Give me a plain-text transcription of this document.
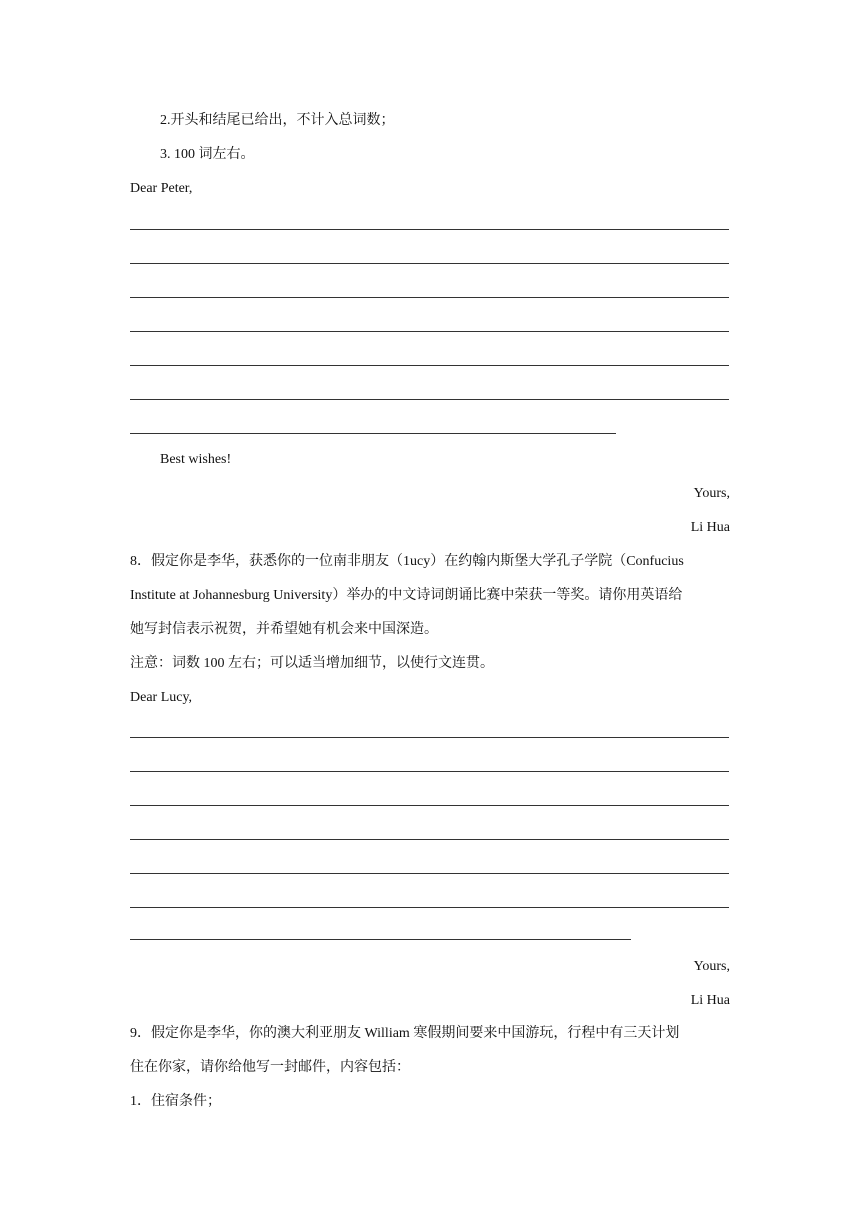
2.开头和结尾已给出，不计入总词数；
3. 100 词左右。
Dear Peter,
Best wishes!
Yours,
Li Hua
8．假定你是李华，获悉你的一位南非朋友（1ucy）在约翰内斯堡大学孔子学院（Confucius
Institute at Johannesburg University）举办的中文诗词朗诵比赛中荣获一等奖。请你用英语给
她写封信表示祝贺，并希望她有机会来中国深造。
注意：词数 100 左右；可以适当增加细节，以使行文连贯。
Dear Lucy,
Yours,
Li Hua
9．假定你是李华，你的澳大利亚朋友 William 寒假期间要来中国游玩，行程中有三天计划
住在你家，请你给他写一封邮件，内容包括：
1．住宿条件；
